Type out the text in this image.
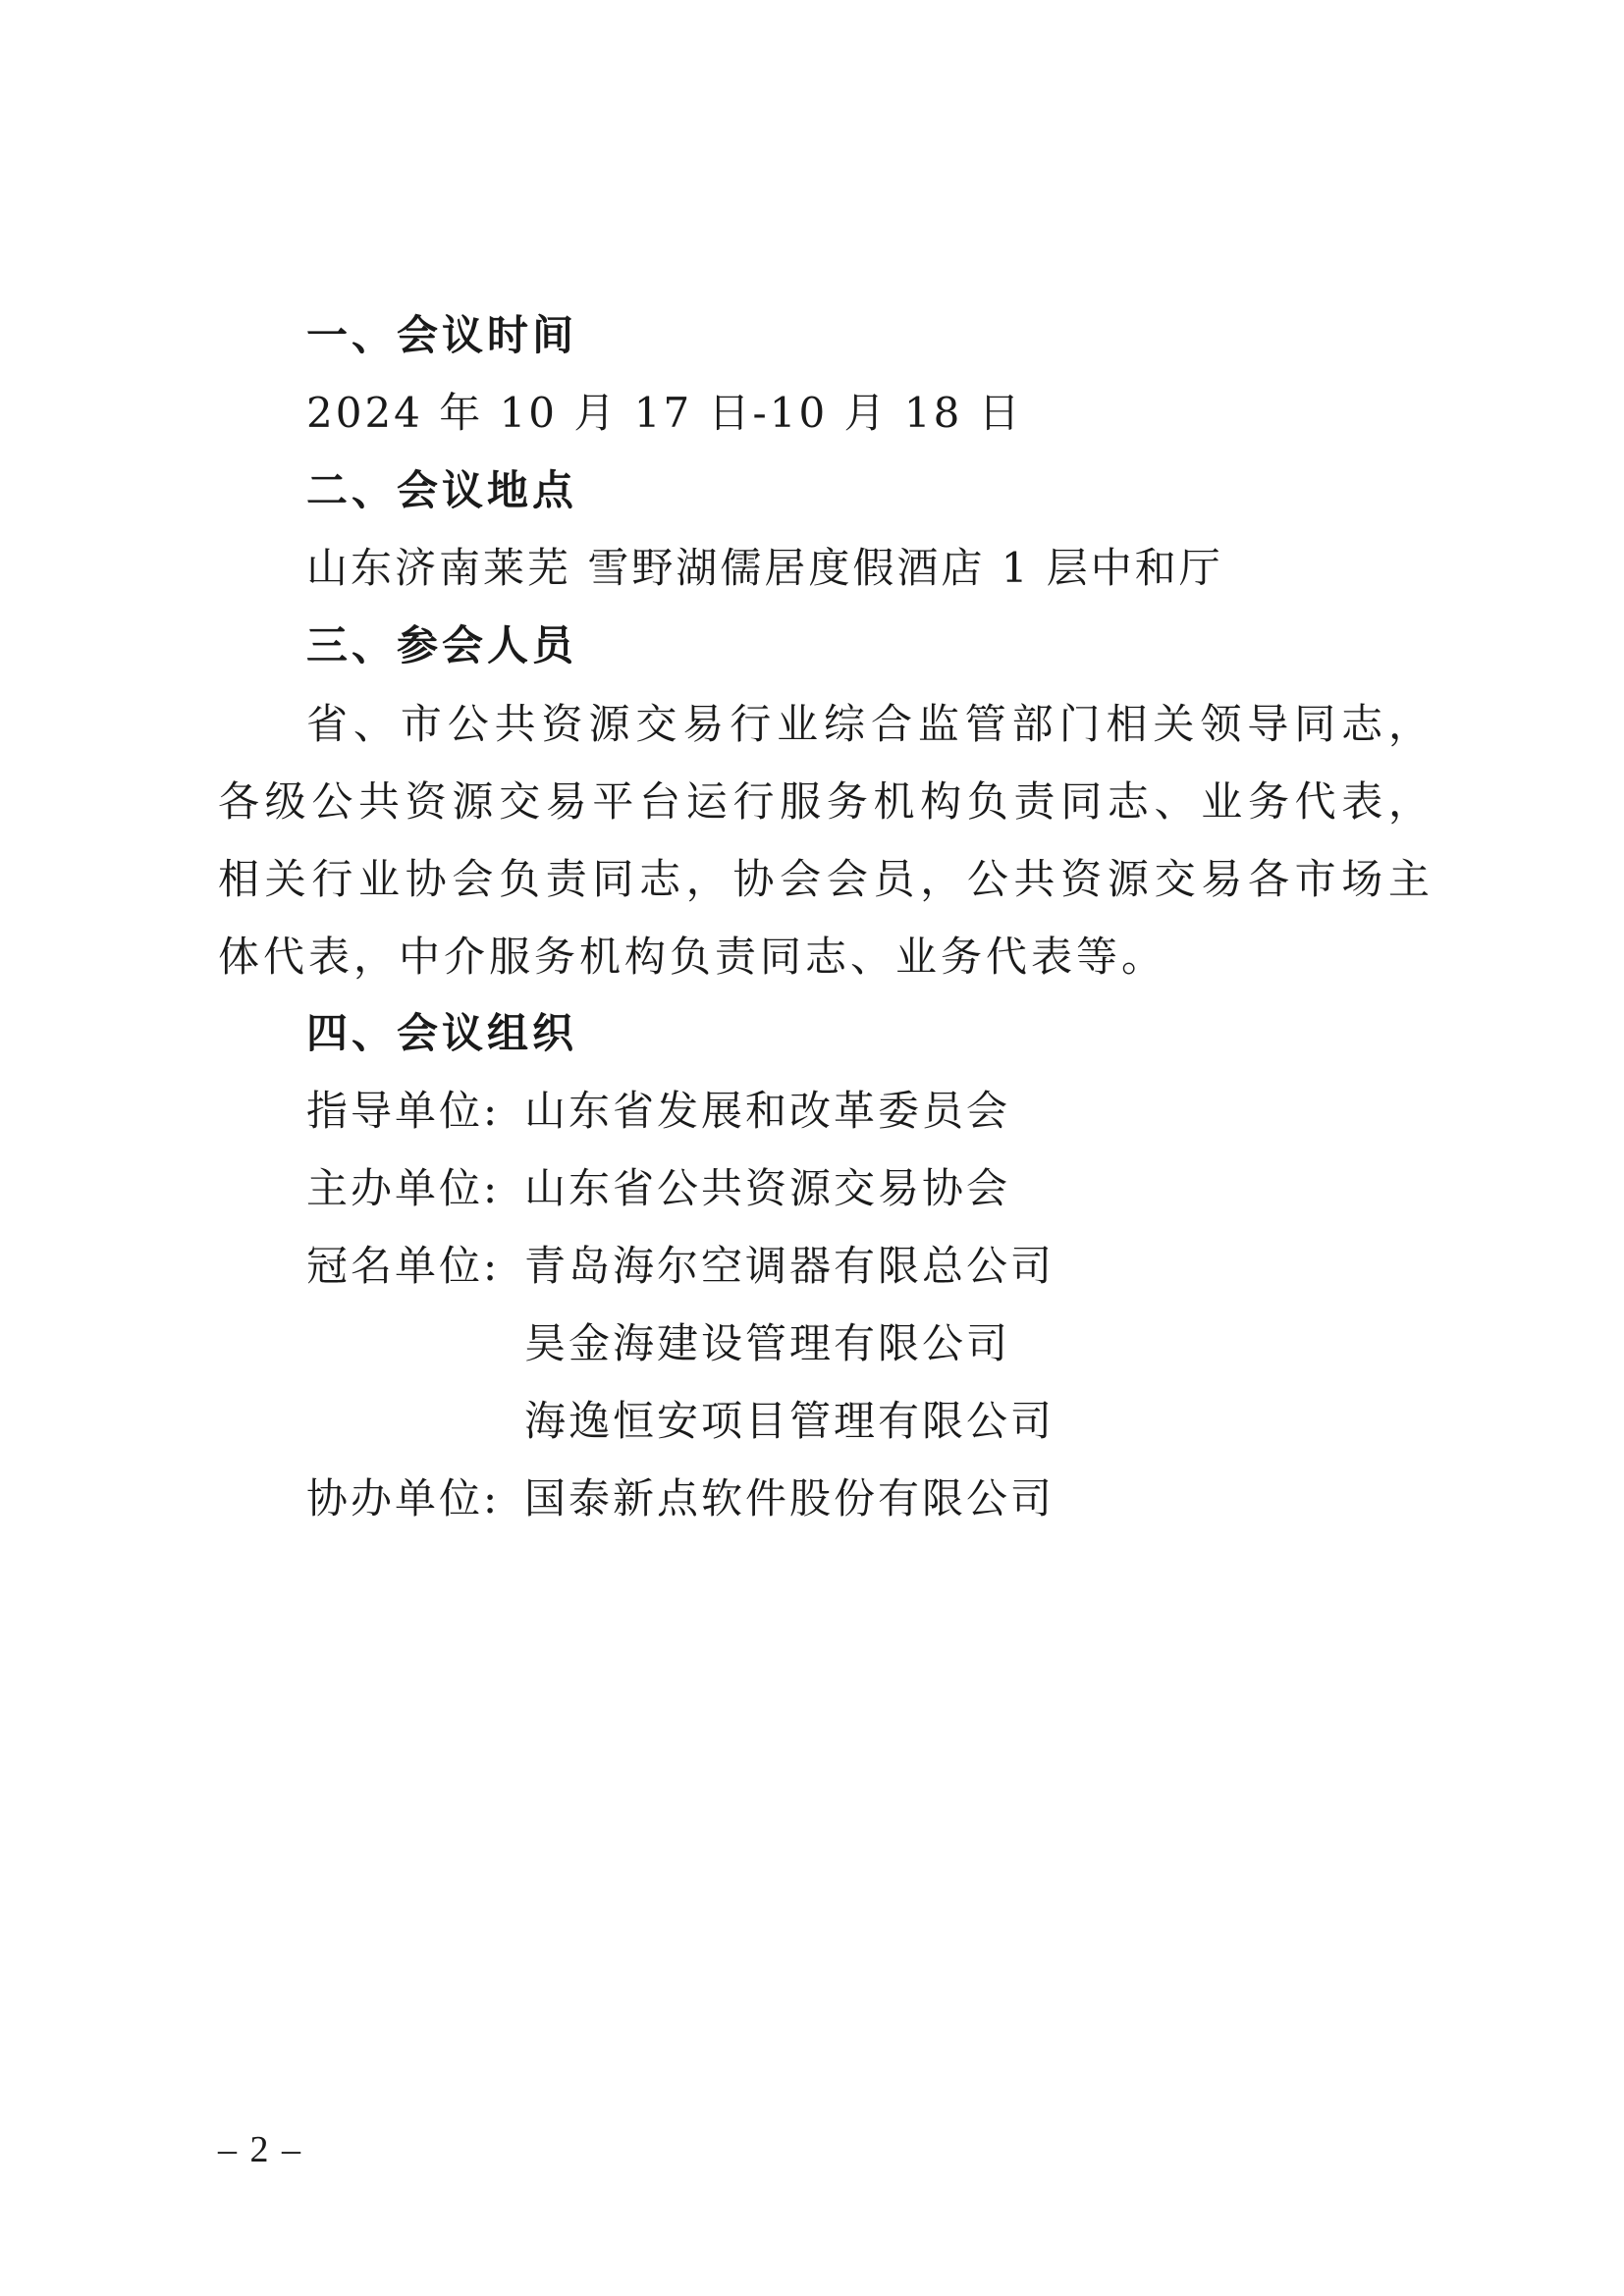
一、会议时间
2024 年 10 月 17 日-10 月 18 日
二、会议地点
山东济南莱芜 雪野湖儒居度假酒店 1 层中和厅
三、参会人员
省、市公共资源交易行业综合监管部门相关领导同志，各级公共资源交易平台运行服务机构负责同志、业务代表，相关行业协会负责同志，协会会员，公共资源交易各市场主体代表，中介服务机构负责同志、业务代表等。
四、会议组织
指导单位: 山东省发展和改革委员会
主办单位: 山东省公共资源交易协会
冠名单位: 青岛海尔空调器有限总公司
昊金海建设管理有限公司
海逸恒安项目管理有限公司
协办单位: 国泰新点软件股份有限公司
– 2 –
